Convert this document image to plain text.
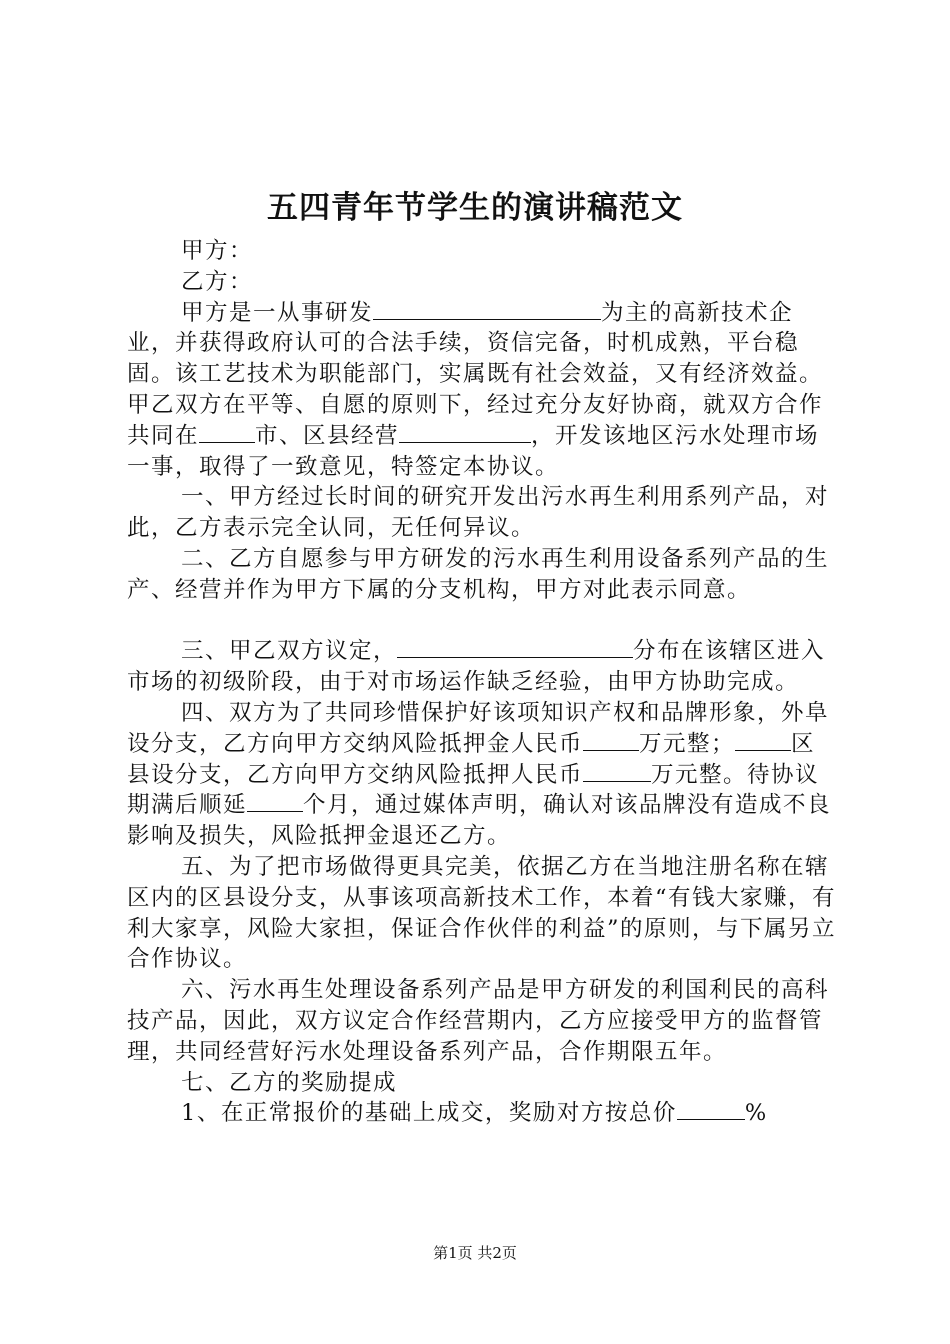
五四青年节学生的演讲稿范文

甲方：

乙方：

甲方是一从事研发	为主的高新技术企业，并获得政府认可的合法手续，资信完备，时机成熟，平台稳固。该工艺技术为职能部门，实属既有社会效益，又有经济效益。甲乙双方在平等、自愿的原则下，经过充分友好协商，就双方合作共同在 市、区县经营	，开发该地区污水处理市场一事，取得了一致意见，特签定本协议。

一、甲方经过长时间的研究开发出污水再生利用系列产品，对此，乙方表示完全认同，无任何异议。

二、乙方自愿参与甲方研发的污水再生利用设备系列产品的生产、经营并作为甲方下属的分支机构，甲方对此表示同意。

三、甲乙双方议定，	分布在该辖区进入市场的初级阶段，由于对市场运作缺乏经验，由甲方协助完成。

四、双方为了共同珍惜保护好该项知识产权和品牌形象，外阜设分支，乙方向甲方交纳风险抵押金人民币 万元整； 区县设分支，乙方向甲方交纳风险抵押人民币	万元整。待协议期满后顺延 个月，通过媒体声明，确认对该品牌没有造成不良影响及损失，风险抵押金退还乙方。

五、为了把市场做得更具完美，依据乙方在当地注册名称在辖区内的区县设分支，从事该项高新技术工作，本着“有钱大家赚，有利大家享，风险大家担，保证合作伙伴的利益”的原则，与下属另立合作协议。

六、污水再生处理设备系列产品是甲方研发的利国利民的高科技产品，因此，双方议定合作经营期内，乙方应接受甲方的监督管理，共同经营好污水处理设备系列产品，合作期限五年。

七、乙方的奖励提成

1、在正常报价的基础上成交，奖励对方按总价	%

第1页 共2页
